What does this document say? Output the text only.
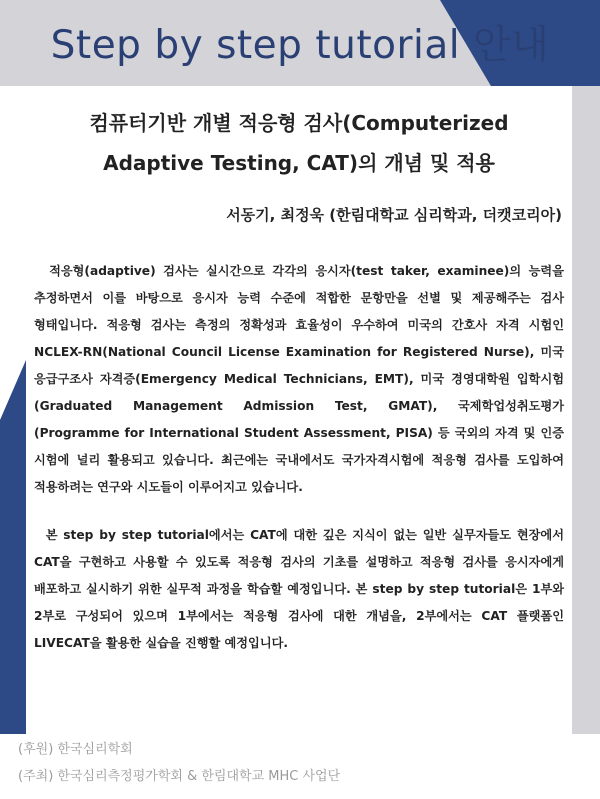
Step by step tutorial 안내
컴퓨터기반 개별 적응형 검사(Computerized
Adaptive Testing, CAT)의 개념 및 적용
서동기, 최정욱 (한림대학교 심리학과, 더캣코리아)
적응형(adaptive) 검사는 실시간으로 각각의 응시자(test taker, examinee)의 능력을 추정하면서 이를 바탕으로 응시자 능력 수준에 적합한 문항만을 선별 및 제공해주는 검사 형태입니다. 적응형 검사는 측정의 정확성과 효율성이 우수하여 미국의 간호사 자격 시험인 NCLEX-RN(National Council License Examination for Registered Nurse), 미국 응급구조사 자격증(Emergency Medical Technicians, EMT), 미국 경영대학원 입학시험(Graduated Management Admission Test, GMAT), 국제학업성취도평가(Programme for International Student Assessment, PISA) 등 국외의 자격 및 인증 시험에 널리 활용되고 있습니다. 최근에는 국내에서도 국가자격시험에 적응형 검사를 도입하여 적용하려는 연구와 시도들이 이루어지고 있습니다.
본 step by step tutorial에서는 CAT에 대한 깊은 지식이 없는 일반 실무자들도 현장에서 CAT을 구현하고 사용할 수 있도록 적응형 검사의 기초를 설명하고 적응형 검사를 응시자에게 배포하고 실시하기 위한 실무적 과정을 학습할 예정입니다. 본 step by step tutorial은 1부와 2부로 구성되어 있으며 1부에서는 적응형 검사에 대한 개념을, 2부에서는 CAT 플랫폼인 LIVECAT을 활용한 실습을 진행할 예정입니다.
(후원) 한국심리학회
(주최) 한국심리측정평가학회 & 한림대학교 MHC 사업단
